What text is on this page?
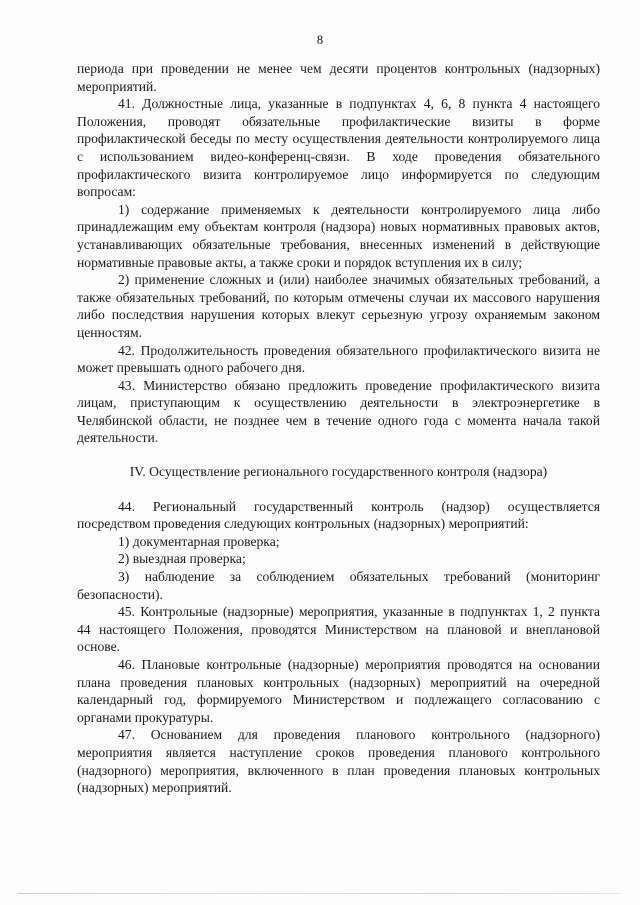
8

периода при проведении не менее чем десяти процентов контрольных (надзорных) мероприятий.

41. Должностные лица, указанные в подпунктах 4, 6, 8 пункта 4 настоящего Положения, проводят обязательные профилактические визиты в форме профилактической беседы по месту осуществления деятельности контролируемого лица с использованием видео-конференц-связи. В ходе проведения обязательного профилактического визита контролируемое лицо информируется по следующим вопросам:

1) содержание применяемых к деятельности контролируемого лица либо принадлежащим ему объектам контроля (надзора) новых нормативных правовых актов, устанавливающих обязательные требования, внесенных изменений в действующие нормативные правовые акты, а также сроки и порядок вступления их в силу;

2) применение сложных и (или) наиболее значимых обязательных требований, а также обязательных требований, по которым отмечены случаи их массового нарушения либо последствия нарушения которых влекут серьезную угрозу охраняемым законом ценностям.

42. Продолжительность проведения обязательного профилактического визита не может превышать одного рабочего дня.

43. Министерство обязано предложить проведение профилактического визита лицам, приступающим к осуществлению деятельности в электроэнергетике в Челябинской области, не позднее чем в течение одного года с момента начала такой деятельности.

IV. Осуществление регионального государственного контроля (надзора)

44. Региональный государственный контроль (надзор) осуществляется посредством проведения следующих контрольных (надзорных) мероприятий:

1) документарная проверка;

2) выездная проверка;

3) наблюдение за соблюдением обязательных требований (мониторинг безопасности).

45. Контрольные (надзорные) мероприятия, указанные в подпунктах 1, 2 пункта 44 настоящего Положения, проводятся Министерством на плановой и внеплановой основе.

46. Плановые контрольные (надзорные) мероприятия проводятся на основании плана проведения плановых контрольных (надзорных) мероприятий на очередной календарный год, формируемого Министерством и подлежащего согласованию с органами прокуратуры.

47. Основанием для проведения планового контрольного (надзорного) мероприятия является наступление сроков проведения планового контрольного (надзорного) мероприятия, включенного в план проведения плановых контрольных (надзорных) мероприятий.
